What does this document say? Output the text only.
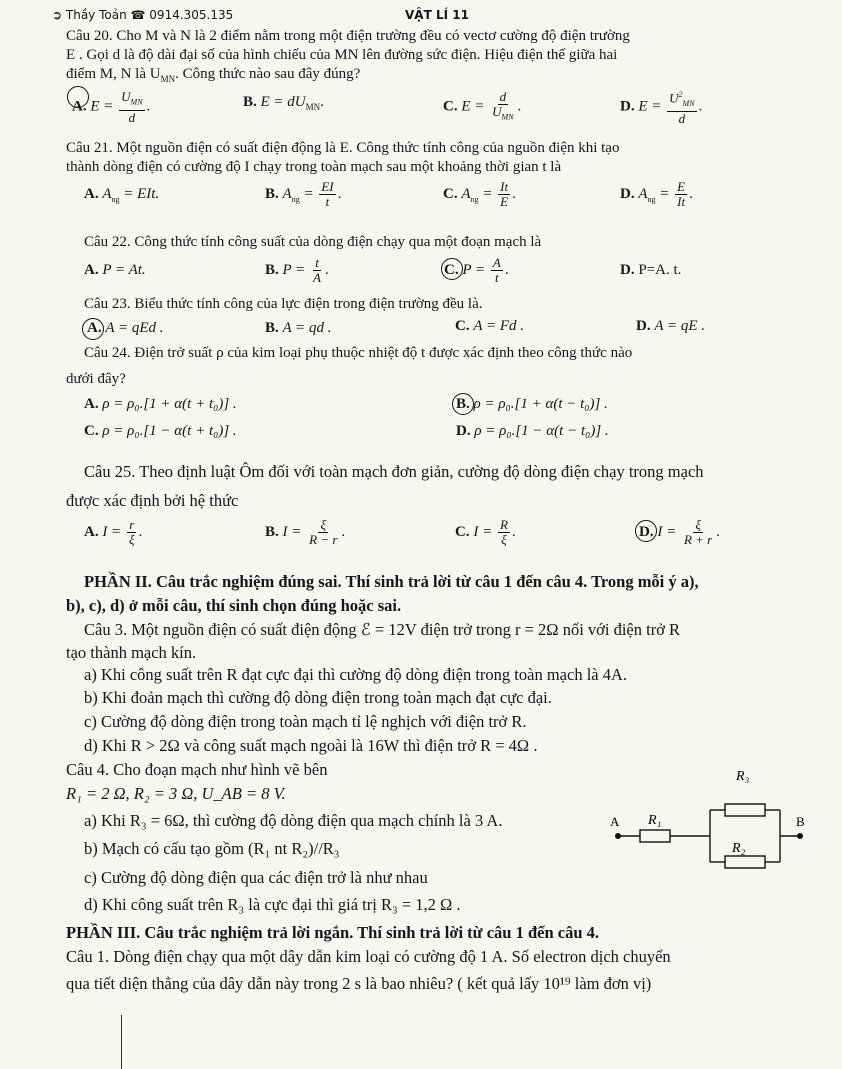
➲ Thầy Toản ☎ 0914.305.135	VẬT LÍ 11
Câu 20. Cho M và N là 2 điểm nằm trong một điện trường đều có vectơ cường độ điện trường
E . Gọi d là độ dài đại số của hình chiếu của MN lên đường sức điện. Hiệu điện thế giữa hai
điểm M, N là $U_{MN}$. Công thức nào sau đây đúng?
A. $E = \frac{U_{MN}}{d}$ .	B. $E = dU_{MN}$.	C. $E = \frac{d}{U_{MN}}$ .	D. $E = \frac{U^2_{MN}}{d}$ .
Câu 21. Một nguồn điện có suất điện động là E. Công thức tính công của nguồn điện khi tạo
thành dòng điện có cường độ I chạy trong toàn mạch sau một khoảng thời gian t là
A. $A_{ng}$ = EIt.	B. $A_{ng} = \frac{EI}{t}$ .	C. $A_{ng} = \frac{It}{E}$ .	D. $A_{ng} = \frac{E}{It}$ .
Câu 22. Công thức tính công suất của dòng điện chạy qua một đoạn mạch là
A. P = At.	B. $P = \frac{t}{A}$ .	C. $P = \frac{A}{t}$ .	D. P=A. t.
Câu 23. Biểu thức tính công của lực điện trong điện trường đều là.
A. A = qEd .	B. A = qd .	C. A = Fd .	D. A = qE .
Câu 24. Điện trở suất ρ của kim loại phụ thuộc nhiệt độ t được xác định theo công thức nào
dưới đây?
A. ρ = ρ₀.[1 + α(t + t₀)] .	B. ρ = ρ₀.[1 + α(t − t₀)] .
C. ρ = ρ₀.[1 − α(t + t₀)] .	D. ρ = ρ₀.[1 − α(t − t₀)] .
Câu 25. Theo định luật Ôm đối với toàn mạch đơn giản, cường độ dòng điện chạy trong mạch
được xác định bởi hệ thức
A. $I = \frac{r}{\xi}$ .	B. $I = \frac{\xi}{R - r}$ .	C. $I = \frac{R}{\xi}$ .	D. $I = \frac{\xi}{R + r}$ .
PHẦN II. Câu trắc nghiệm đúng sai. Thí sinh trả lời từ câu 1 đến câu 4. Trong mỗi ý a),
b), c), d) ở mỗi câu, thí sinh chọn đúng hoặc sai.
Câu 3. Một nguồn điện có suất điện động ℰ = 12V điện trở trong r = 2Ω nối với điện trở R
tạo thành mạch kín.
a) Khi công suất trên R đạt cực đại thì cường độ dòng điện trong toàn mạch là 4A.
b) Khi đoản mạch thì cường độ dòng điện trong toàn mạch đạt cực đại.
c) Cường độ dòng điện trong toàn mạch tỉ lệ nghịch với điện trở R.
d) Khi R > 2Ω và công suất mạch ngoài là 16W thì điện trở R = 4Ω .
Câu 4. Cho đoạn mạch như hình vẽ bên
R₁ = 2 Ω, R₂ = 3 Ω, U_AB = 8 V.
a) Khi R₃ = 6Ω, thì cường độ dòng điện qua mạch chính là 3 A.
b) Mạch có cấu tạo gồm (R₁ nt R₂)//R₃
c) Cường độ dòng điện qua các điện trở là như nhau
d) Khi công suất trên R₃ là cực đại thì giá trị R₃ = 1,2 Ω .
R₃
R₁
R₂
A	B
PHẦN III. Câu trắc nghiệm trả lời ngắn. Thí sinh trả lời từ câu 1 đến câu 4.
Câu 1. Dòng điện chạy qua một dây dẫn kim loại có cường độ 1 A. Số electron dịch chuyển
qua tiết diện thẳng của dây dẫn này trong 2 s là bao nhiêu? ( kết quả lấy 10¹⁹ làm đơn vị)
